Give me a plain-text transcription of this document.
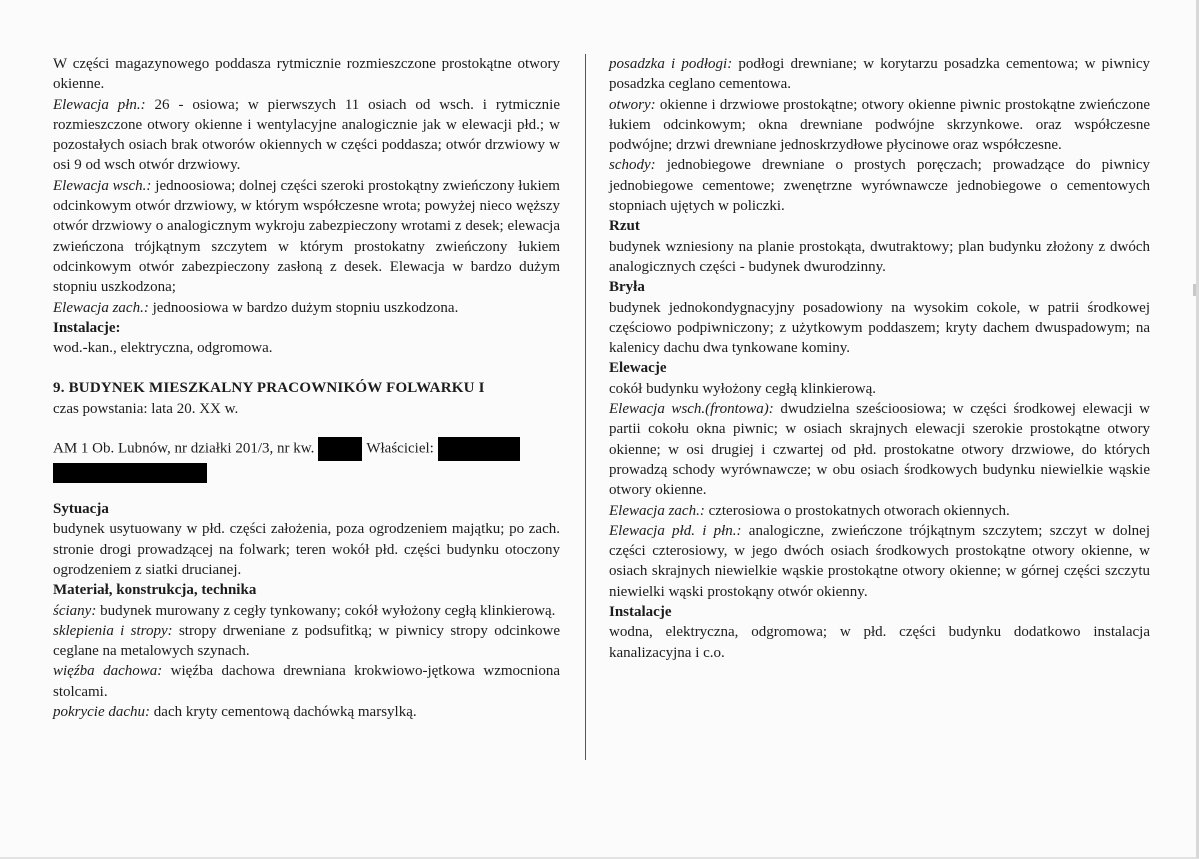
W części magazynowego poddasza rytmicznie rozmieszczone prostokątne otwory okienne.

Elewacja płn.: 26 - osiowa; w pierwszych 11 osiach od wsch. i rytmicznie rozmieszczone otwory okienne i wentylacyjne analogicznie jak w elewacji płd.; w pozostałych osiach brak otworów okiennych w części poddasza; otwór drzwiowy w osi 9 od wsch otwór drzwiowy.

Elewacja wsch.: jednoosiowa; dolnej części szeroki prostokątny zwieńczony łukiem odcinkowym otwór drzwiowy, w którym współczesne wrota; powyżej nieco węższy otwór drzwiowy o analogicznym wykroju zabezpieczony wrotami z desek; elewacja zwieńczona trójkątnym szczytem w którym prostokatny zwieńczony łukiem odcinkowym otwór zabezpieczony zasłoną z desek. Elewacja w bardzo dużym stopniu uszkodzona;

Elewacja zach.: jednoosiowa w bardzo dużym stopniu uszkodzona.

Instalacje:

wod.-kan., elektryczna, odgromowa.

9. BUDYNEK MIESZKALNY PRACOWNIKÓW FOLWARKU I

czas powstania: lata 20. XX w.

AM 1 Ob. Lubnów, nr działki 201/3, nr kw.	Właściciel:

Sytuacja

budynek usytuowany w płd. części założenia, poza ogrodzeniem majątku; po zach. stronie drogi prowadzącej na folwark; teren wokół płd. części budynku otoczony ogrodzeniem z siatki drucianej.

Materiał, konstrukcja, technika

ściany: budynek murowany z cegły tynkowany; cokół wyłożony cegłą klinkierową.

sklepienia i stropy: stropy drweniane z podsufitką; w piwnicy stropy odcinkowe ceglane na metalowych szynach.

więźba dachowa: więźba dachowa drewniana krokwiowo-jętkowa wzmocniona stolcami.

pokrycie dachu: dach kryty cementową dachówką marsylką.

posadzka i podłogi: podłogi drewniane; w korytarzu posadzka cementowa; w piwnicy posadzka ceglano cementowa.

otwory: okienne i drzwiowe prostokątne; otwory okienne piwnic prostokątne zwieńczone łukiem odcinkowym; okna drewniane podwójne skrzynkowe. oraz współczesne podwójne; drzwi drewniane jednoskrzydłowe płycinowe oraz współczesne.

schody: jednobiegowe drewniane o prostych poręczach; prowadzące do piwnicy jednobiegowe cementowe; zwenętrzne wyrównawcze jednobiegowe o cementowych stopniach ujętych w policzki.

Rzut

budynek wzniesiony na planie prostokąta, dwutraktowy; plan budynku złożony z dwóch analogicznych części - budynek dwurodzinny.

Bryła

budynek jednokondygnacyjny posadowiony na wysokim cokole, w patrii środkowej częściowo podpiwniczony; z użytkowym poddaszem; kryty dachem dwuspadowym; na kalenicy dachu dwa tynkowane kominy.

Elewacje

cokół budynku wyłożony cegłą klinkierową.

Elewacja wsch.(frontowa): dwudzielna sześcioosiowa; w części środkowej elewacji w partii cokołu okna piwnic; w osiach skrajnych elewacji szerokie prostokątne otwory okienne; w osi drugiej i czwartej od płd. prostokatne otwory drzwiowe, do których prowadzą schody wyrównawcze; w obu osiach środkowych budynku niewielkie wąskie otwory okienne.

Elewacja zach.: czterosiowa o prostokatnych otworach okiennych.

Elewacja płd. i płn.: analogiczne, zwieńczone trójkątnym szczytem; szczyt w dolnej części czterosiowy, w jego dwóch osiach środkowych prostokątne otwory okienne, w osiach skrajnych niewielkie wąskie prostokątne otwory okienne; w górnej części szczytu niewielki wąski prostokąny otwór okienny.

Instalacje

wodna, elektryczna, odgromowa; w płd. części budynku dodatkowo instalacja kanalizacyjna i c.o.
